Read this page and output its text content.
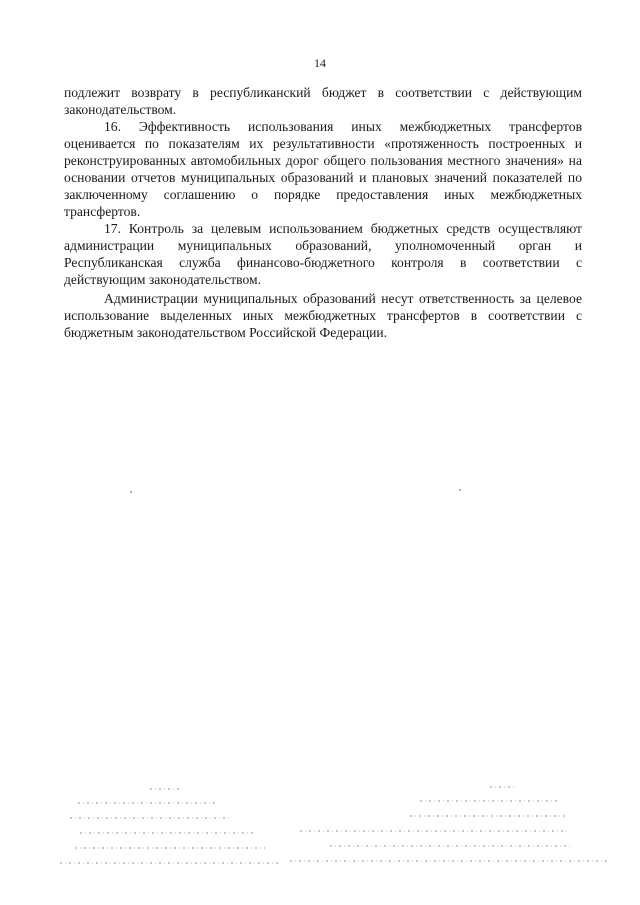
14

подлежит возврату в республиканский бюджет в соответствии с действующим законодательством.

16. Эффективность использования иных межбюджетных трансфертов оценивается по показателям их результативности «протяженность построенных и реконструированных автомобильных дорог общего пользования местного значения» на основании отчетов муниципальных образований и плановых значений показателей по заключенному соглашению о порядке предоставления иных межбюджетных трансфертов.

17. Контроль за целевым использованием бюджетных средств осуществляют администрации муниципальных образований, уполномоченный орган и Республиканская служба финансово-бюджетного контроля в соответствии с действующим законодательством.

Администрации муниципальных образований несут ответственность за целевое использование выделенных иных межбюджетных трансфертов в соответствии с бюджетным законодательством Российской Федерации.
